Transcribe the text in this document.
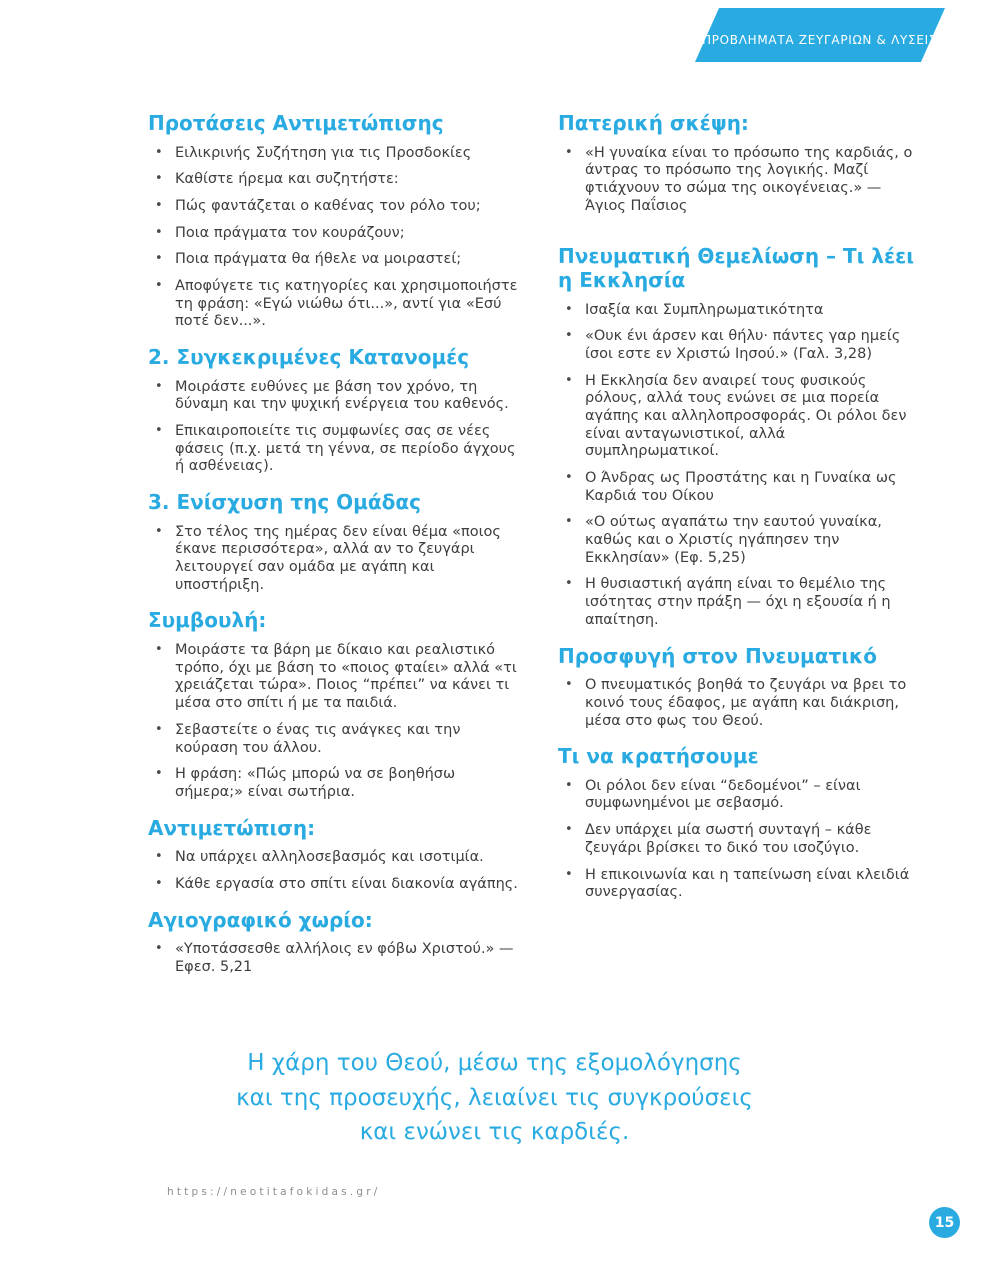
ΠΡΟΒΛΗΜΑΤΑ ΖΕΥΓΑΡΙΩΝ & ΛΥΣΕΙΣ
Προτάσεις Αντιμετώπισης
• Ειλικρινής Συζήτηση για τις Προσδοκίες
• Καθίστε ήρεμα και συζητήστε:
• Πώς φαντάζεται ο καθένας τον ρόλο του;
• Ποια πράγματα τον κουράζουν;
• Ποια πράγματα θα ήθελε να μοιραστεί;
• Αποφύγετε τις κατηγορίες και χρησιμοποιήστε τη φράση: «Εγώ νιώθω ότι...», αντί για «Εσύ ποτέ δεν...».
2. Συγκεκριμένες Κατανομές
• Μοιράστε ευθύνες με βάση τον χρόνο, τη δύναμη και την ψυχική ενέργεια του καθενός.
• Επικαιροποιείτε τις συμφωνίες σας σε νέες φάσεις (π.χ. μετά τη γέννα, σε περίοδο άγχους ή ασθένειας).
3. Ενίσχυση της Ομάδας
• Στο τέλος της ημέρας δεν είναι θέμα «ποιος έκανε περισσότερα», αλλά αν το ζευγάρι λειτουργεί σαν ομάδα με αγάπη και υποστήριξη.
Συμβουλή:
• Μοιράστε τα βάρη με δίκαιο και ρεαλιστικό τρόπο, όχι με βάση το «ποιος φταίει» αλλά «τι χρειάζεται τώρα». Ποιος “πρέπει” να κάνει τι μέσα στο σπίτι ή με τα παιδιά.
• Σεβαστείτε ο ένας τις ανάγκες και την κούραση του άλλου.
• Η φράση: «Πώς μπορώ να σε βοηθήσω σήμερα;» είναι σωτήρια.
Αντιμετώπιση:
• Να υπάρχει αλληλοσεβασμός και ισοτιμία.
• Κάθε εργασία στο σπίτι είναι διακονία αγάπης.
Αγιογραφικό χωρίο:
• «Υποτάσσεσθε αλλήλοις εν φόβω Χριστού.» — Εφεσ. 5,21
Πατερική σκέψη:
• «Η γυναίκα είναι το πρόσωπο της καρδιάς, ο άντρας το πρόσωπο της λογικής. Μαζί φτιάχνουν το σώμα της οικογένειας.» — Άγιος Παΐσιος
Πνευματική Θεμελίωση – Τι λέει η Εκκλησία
• Ισαξία και Συμπληρωματικότητα
• «Ουκ ένι άρσεν και θήλυ· πάντες γαρ ημείς ίσοι εστε εν Χριστώ Ιησού.» (Γαλ. 3,28)
• Η Εκκλησία δεν αναιρεί τους φυσικούς ρόλους, αλλά τους ενώνει σε μια πορεία αγάπης και αλληλοπροσφοράς. Οι ρόλοι δεν είναι ανταγωνιστικοί, αλλά συμπληρωματικοί.
• Ο Άνδρας ως Προστάτης και η Γυναίκα ως Καρδιά του Οίκου
• «Ο ούτως αγαπάτω την εαυτού γυναίκα, καθώς και ο Χριστίς ηγάπησεν την Εκκλησίαν» (Εφ. 5,25)
• Η θυσιαστική αγάπη είναι το θεμέλιο της ισότητας στην πράξη — όχι η εξουσία ή η απαίτηση.
Προσφυγή στον Πνευματικό
• Ο πνευματικός βοηθά το ζευγάρι να βρει το κοινό τους έδαφος, με αγάπη και διάκριση, μέσα στο φως του Θεού.
Τι να κρατήσουμε
• Οι ρόλοι δεν είναι “δεδομένοι” – είναι συμφωνημένοι με σεβασμό.
• Δεν υπάρχει μία σωστή συνταγή – κάθε ζευγάρι βρίσκει το δικό του ισοζύγιο.
• Η επικοινωνία και η ταπείνωση είναι κλειδιά συνεργασίας.
Η χάρη του Θεού, μέσω της εξομολόγησης
και της προσευχής, λειαίνει τις συγκρούσεις
και ενώνει τις καρδιές.
https://neotitafokidas.gr/
15
